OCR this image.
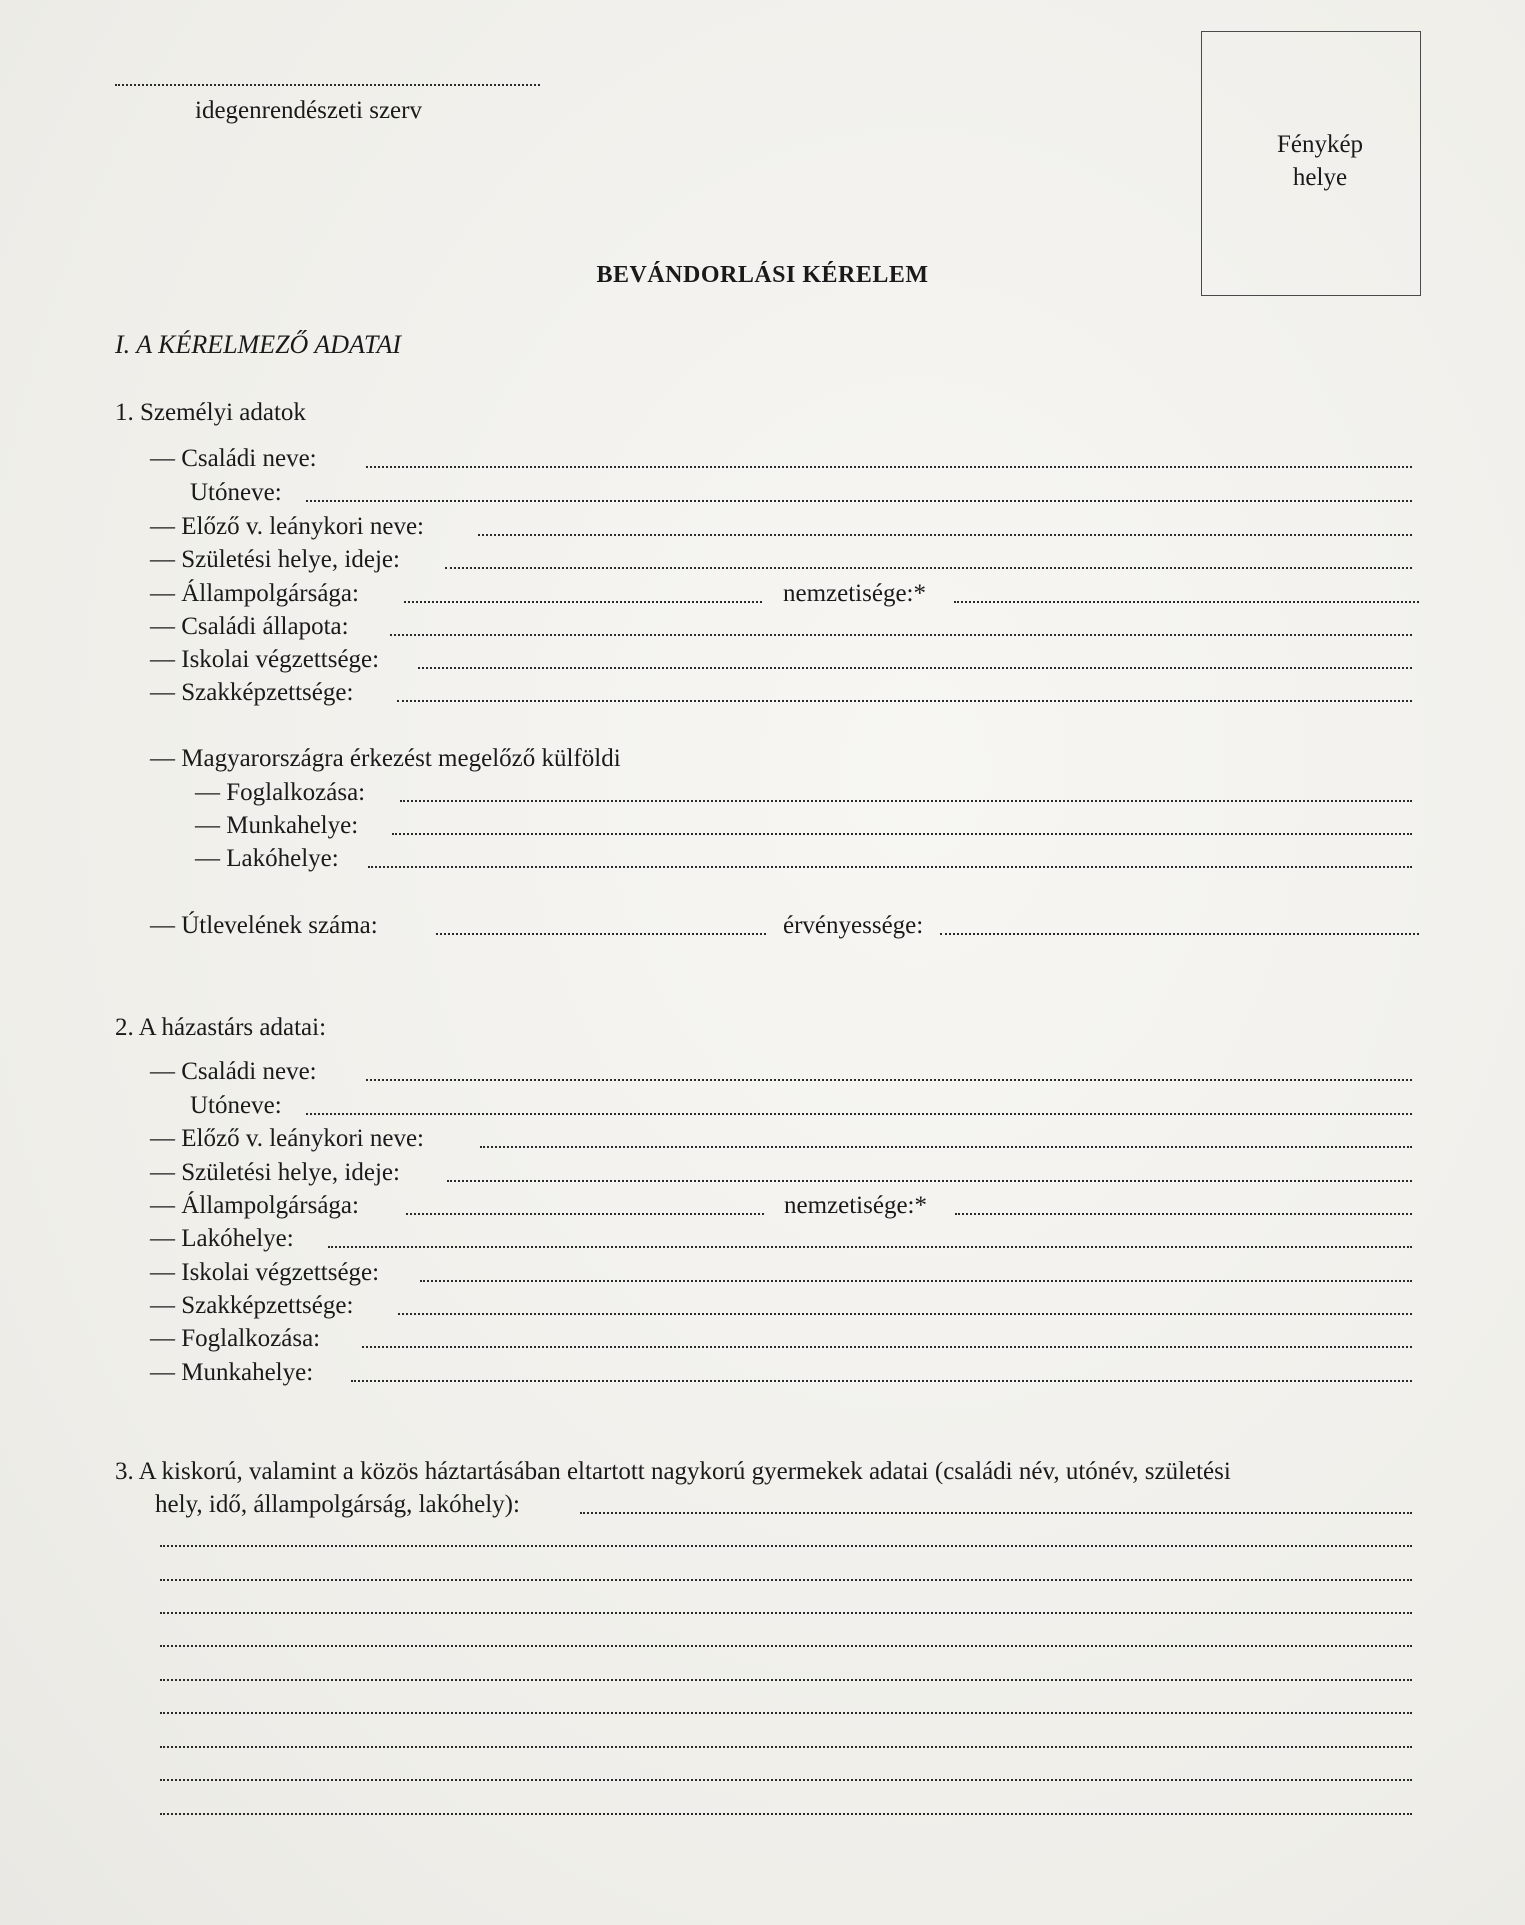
idegenrendészeti szerv
Fénykép
helye
BEVÁNDORLÁSI KÉRELEM
I. A KÉRELMEZŐ ADATAI
1. Személyi adatok
— Családi neve:
Utóneve:
— Előző v. leánykori neve:
— Születési helye, ideje:
— Állampolgársága:	nemzetisége:*
— Családi állapota:
— Iskolai végzettsége:
— Szakképzettsége:
— Magyarországra érkezést megelőző külföldi
— Foglalkozása:
— Munkahelye:
— Lakóhelye:
— Útlevelének száma:	érvényessége:
2. A házastárs adatai:
— Családi neve:
Utóneve:
— Előző v. leánykori neve:
— Születési helye, ideje:
— Állampolgársága:	nemzetisége:*
— Lakóhelye:
— Iskolai végzettsége:
— Szakképzettsége:
— Foglalkozása:
— Munkahelye:
3. A kiskorú, valamint a közös háztartásában eltartott nagykorú gyermekek adatai (családi név, utónév, születési
hely, idő, állampolgárság, lakóhely):
